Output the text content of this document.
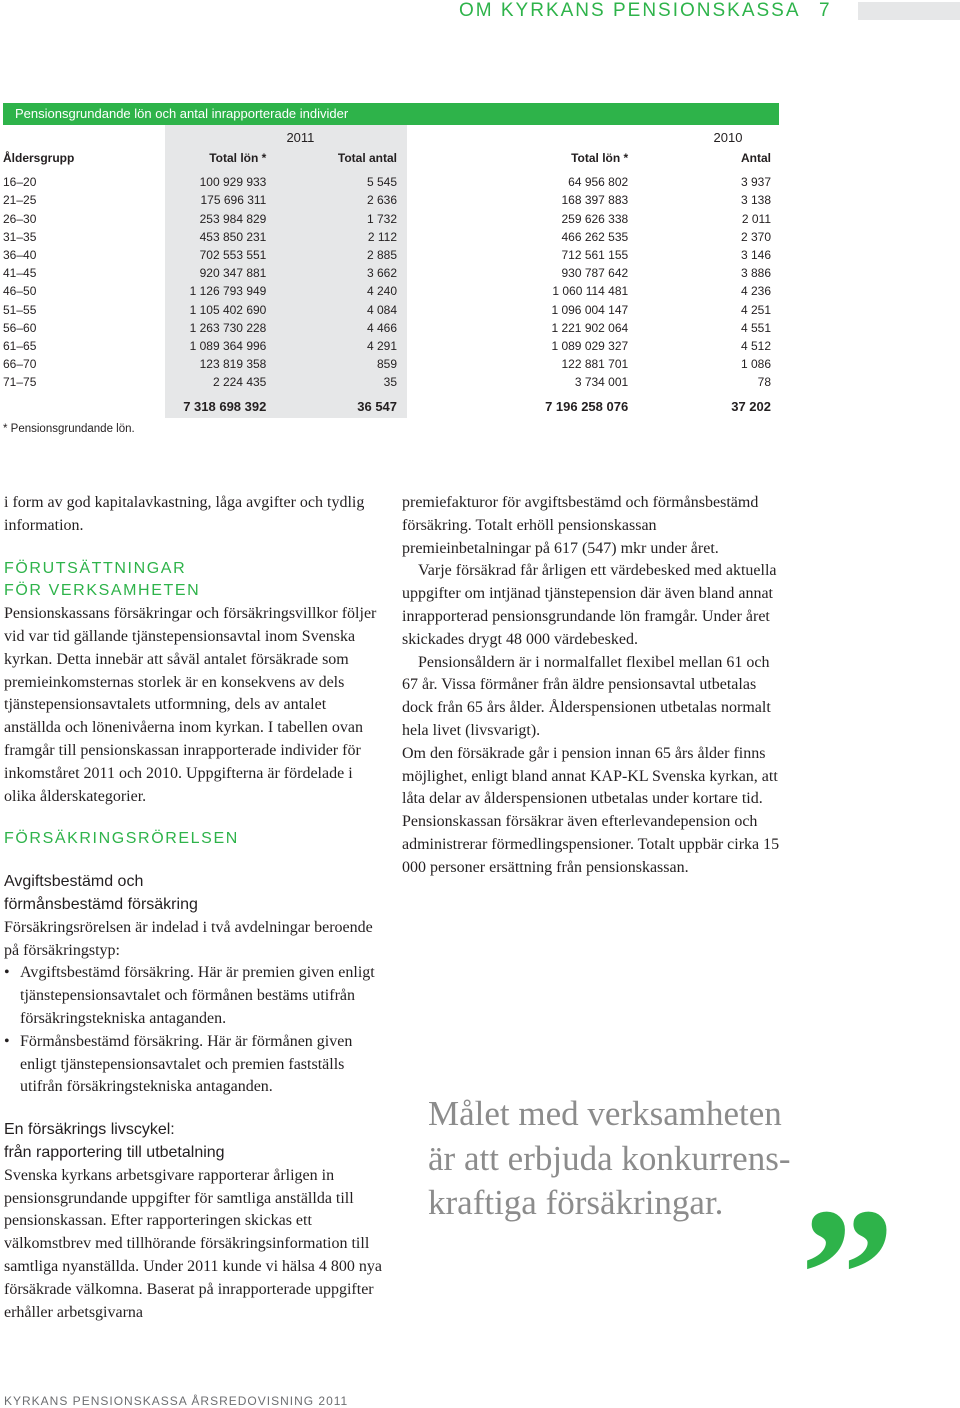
OM KYRKANS PENSIONSKASSA 7
Pensionsgrundande lön och antal inrapporterade individer
	2011		2010	
Åldersgrupp	Total lön *	Total antal	Total lön *	Antal

16–20	100 929 933	5 545	64 956 802	3 937
21–25	175 696 311	2 636	168 397 883	3 138
26–30	253 984 829	1 732	259 626 338	2 011
31–35	453 850 231	2 112	466 262 535	2 370
36–40	702 553 551	2 885	712 561 155	3 146
41–45	920 347 881	3 662	930 787 642	3 886
46–50	1 126 793 949	4 240	1 060 114 481	4 236
51–55	1 105 402 690	4 084	1 096 004 147	4 251
56–60	1 263 730 228	4 466	1 221 902 064	4 551
61–65	1 089 364 996	4 291	1 089 029 327	4 512
66–70	123 819 358	859	122 881 701	1 086
71–75	2 224 435	35	3 734 001	78
	7 318 698 392	36 547	7 196 258 076	37 202
* Pensionsgrundande lön.

i form av god kapitalavkastning, låga avgifter och tydlig information.

FÖRUTSÄTTNINGAR
FÖR VERKSAMHETEN

Pensionskassans försäkringar och försäkringsvillkor följer vid var tid gällande tjänstepensionsavtal inom Svenska kyrkan. Detta innebär att såväl antalet försäkrade som premieinkomsternas storlek är en konsekvens av dels tjänstepensionsavtalets utformning, dels av antalet anställda och lönenivåerna inom kyrkan. I tabellen ovan framgår till pensionskassan inrapporterade individer för inkomståret 2011 och 2010. Uppgifterna är fördelade i olika ålderskategorier.

FÖRSÄKRINGSRÖRELSEN
Avgiftsbestämd och
förmånsbestämd försäkring

Försäkringsrörelsen är indelad i två avdelningar beroende på försäkringstyp:

• Avgiftsbestämd försäkring. Här är premien given enligt tjänstepensionsavtalet och förmånen bestäms utifrån försäkringstekniska antaganden.

• Förmånsbestämd försäkring. Här är förmånen given enligt tjänstepensionsavtalet och premien fastställs utifrån försäkringstekniska antaganden.

En försäkrings livscykel:
från rapportering till utbetalning

Svenska kyrkans arbetsgivare rapporterar årligen in pensionsgrundande uppgifter för samtliga anställda till pensionskassan. Efter rapporteringen skickas ett välkomstbrev med tillhörande försäkringsinformation till samtliga nyanställda. Under 2011 kunde vi hälsa 4 800 nya försäkrade välkomna. Baserat på inrapporterade uppgifter erhåller arbetsgivarna

premiefakturor för avgiftsbestämd och förmånsbestämd försäkring. Totalt erhöll pensionskassan premieinbetalningar på 617 (547) mkr under året.

Varje försäkrad får årligen ett värdebesked med aktuella uppgifter om intjänad tjänstepension där även bland annat inrapporterad pensionsgrundande lön framgår. Under året skickades drygt 48 000 värdebesked.

Pensionsåldern är i normalfallet flexibel mellan 61 och 67 år. Vissa förmåner från äldre pensionsavtal utbetalas dock från 65 års ålder. Ålderspensionen utbetalas normalt hela livet (livsvarigt).

Om den försäkrade går i pension innan 65 års ålder finns möjlighet, enligt bland annat KAP-KL Svenska kyrkan, att låta delar av ålderspensionen utbetalas under kortare tid. Pensionskassan försäkrar även efterlevandepension och administrerar förmedlingspensioner. Totalt uppbär cirka 15 000 personer ersättning från pensionskassan.

Målet med verksamheten
är att erbjuda konkurrens-
kraftiga försäkringar. ”
KYRKANS PENSIONSKASSA ÅRSREDOVISNING 2011
